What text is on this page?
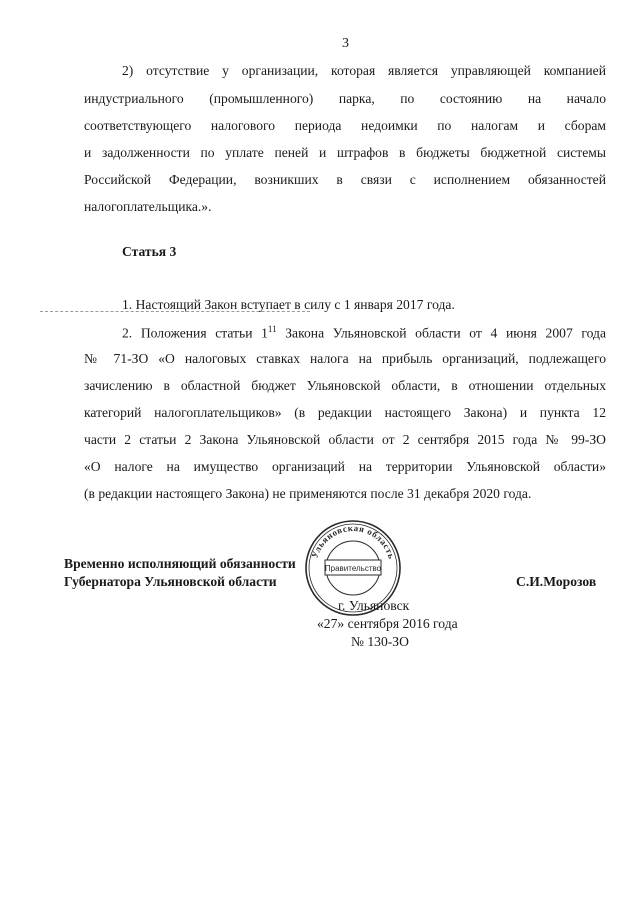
3
2) отсутствие у организации, которая является управляющей компанией
индустриального (промышленного) парка, по состоянию на начало
соответствующего налогового периода недоимки по налогам и сборам
и задолженности по уплате пеней и штрафов в бюджеты бюджетной системы
Российской Федерации, возникших в связи с исполнением обязанностей
налогоплательщика.».
Статья 3
1. Настоящий Закон вступает в силу с 1 января 2017 года.
2. Положения статьи $1^{11}$ Закона Ульяновской области от 4 июня 2007 года
№ 71-ЗО «О налоговых ставках налога на прибыль организаций, подлежащего
зачислению в областной бюджет Ульяновской области, в отношении отдельных
категорий налогоплательщиков» (в редакции настоящего Закона) и пункта 12
части 2 статьи 2 Закона Ульяновской области от 2 сентября 2015 года № 99-ЗО
«О налоге на имущество организаций на территории Ульяновской области»
(в редакции настоящего Закона) не применяются после 31 декабря 2020 года.
Временно исполняющий обязанности
Губернатора Ульяновской области	С.И.Морозов
Ульяновская область
Правительство
г. Ульяновск
«27» сентября 2016 года
№ 130-ЗО
